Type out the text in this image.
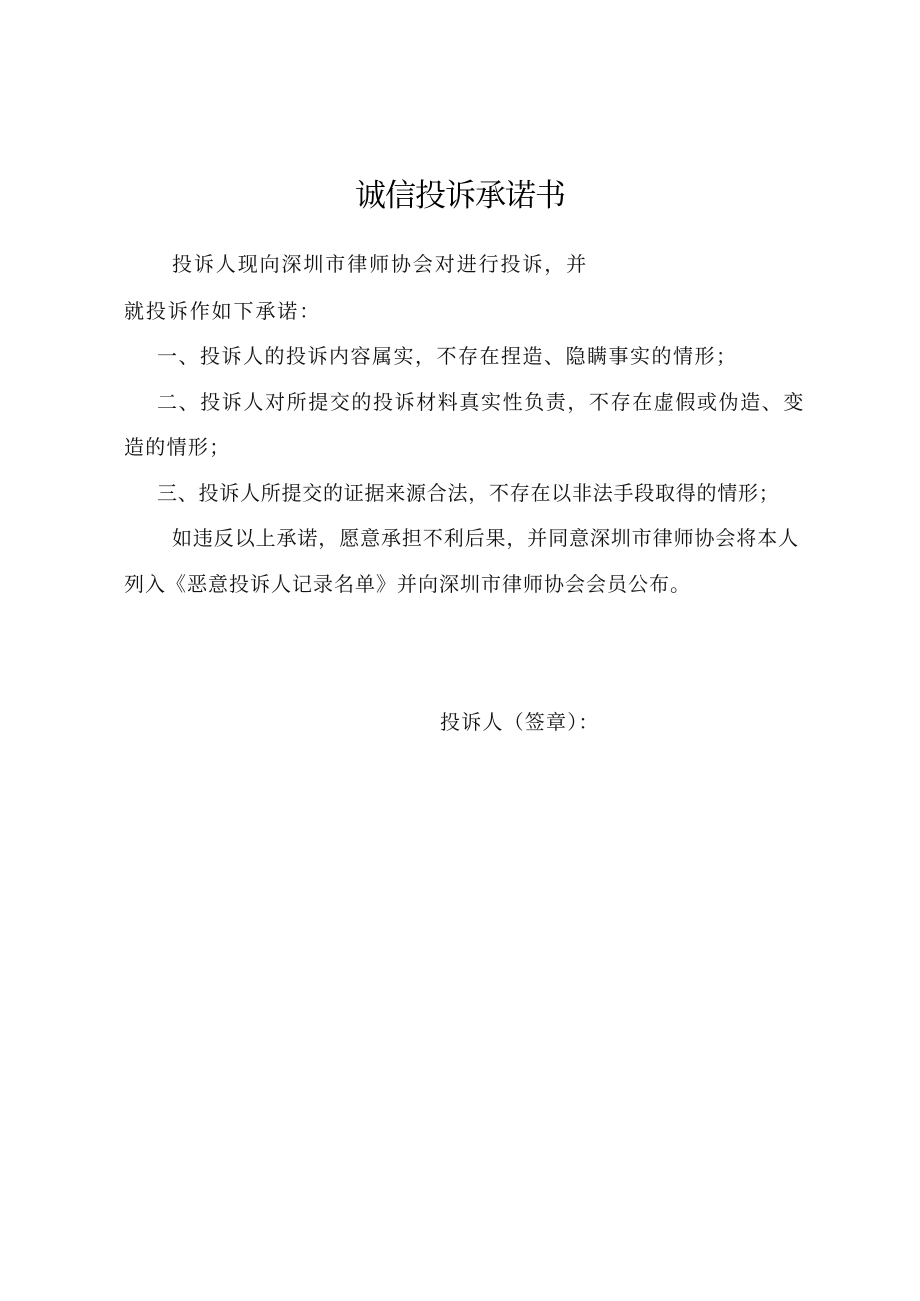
诚信投诉承诺书
投诉人现向深圳市律师协会对进行投诉，并
就投诉作如下承诺：
一、投诉人的投诉内容属实，不存在捏造、隐瞒事实的情形；
二、投诉人对所提交的投诉材料真实性负责，不存在虚假或伪造、变
造的情形；
三、投诉人所提交的证据来源合法，不存在以非法手段取得的情形；
如违反以上承诺，愿意承担不利后果，并同意深圳市律师协会将本人
列入《恶意投诉人记录名单》并向深圳市律师协会会员公布。
投诉人（签章）：
